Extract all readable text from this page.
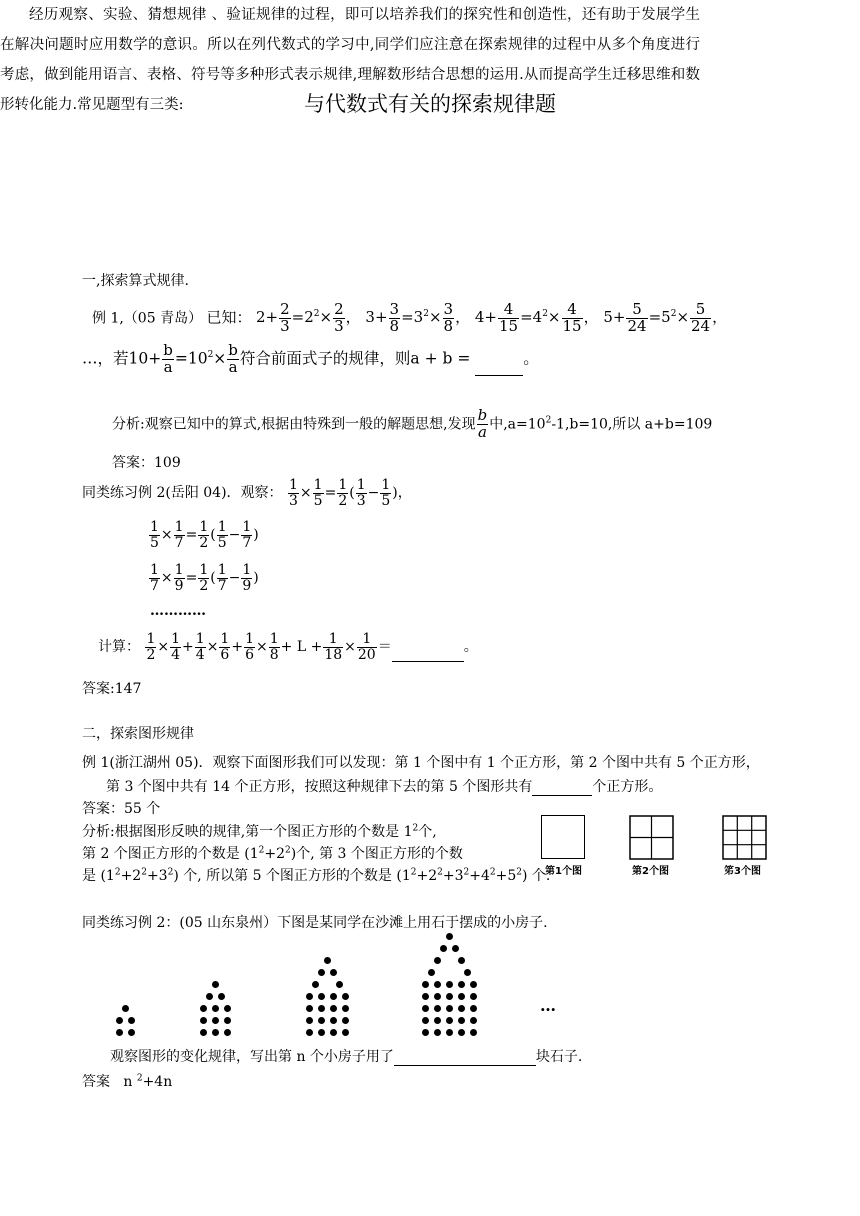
与代数式有关的探索规律题

经历观察、实验、猜想规律 、验证规律的过程，即可以培养我们的探究性和创造性，还有助于发展学生在解决问题时应用数学的意识。所以在列代数式的学习中,同学们应注意在探索规律的过程中从多个角度进行考虑，做到能用语言、表格、符号等多种形式表示规律,理解数形结合思想的运用.从而提高学生迁移思维和数形转化能力.常见题型有三类:

一,探索算式规律.
例 1,（05 青岛） 已知： $2+ \frac{2}{3} =2^2\times \frac{2}{3}$ ， $3+ \frac{3}{8} =3^2\times \frac{3}{8}$ ， $4+ \frac{4}{15} =4^2\times \frac{4}{15}$ ， $5+ \frac{5}{24} =5^2\times \frac{5}{24}$ ，
…，若$10+ \frac{b}{a} =10^2\times \frac{b}{a}$ 符合前面式子的规律，则a + b =	。
分析:观察已知中的算式,根据由特殊到一般的解题思想,发现 $\frac{b}{a}$ 中$,a=10^2-1,b=10$,所以 a+b=109
答案：109
同类练习例 2(岳阳 04)．观察： $\frac{1}{3} \times \frac{1}{5} = \frac{1}{2}$ ( $\frac{1}{3} - \frac{1}{5}$ )，
$\frac{1}{5} \times \frac{1}{7} = \frac{1}{2}$ ( $\frac{1}{5} - \frac{1}{7}$ )
$\frac{1}{7} \times \frac{1}{9} = \frac{1}{2}$ ( $\frac{1}{7} - \frac{1}{9}$ )
…………
计算： $\frac{1}{2} \times \frac{1}{4} + \frac{1}{4} \times \frac{1}{6} + \frac{1}{6} \times \frac{1}{8} + L + \frac{1}{18} \times \frac{1}{20}$ ＝	。
答案:147
二，探索图形规律
例 1(浙江湖州 05)．观察下面图形我们可以发现：第 1 个图中有 1 个正方形，第 2 个图中共有 5 个正方形，
第 3 个图中共有 14 个正方形，按照这种规律下去的第 5 个图形共有	个正方形。
答案：55 个
分析:根据图形反映的规律,第一个图正方形的个数是 $1^2$个,
第 2 个图正方形的个数是 $(1^2+2^2)$个, 第 3 个图正方形的个数
是 $(1^2+2^2+3^2)$ 个, 所以第 5 个图正方形的个数是 $(1^2+2^2+3^2+4^2+5^2)$ 个.
第1个图	第2个图	笫3个图
同类练习例 2：(05 山东泉州）下图是某同学在沙滩上用石于摆成的小房子.
…
观察图形的变化规律，写出第 n 个小房子用了	块石子.
答案 n $^2$+4n
